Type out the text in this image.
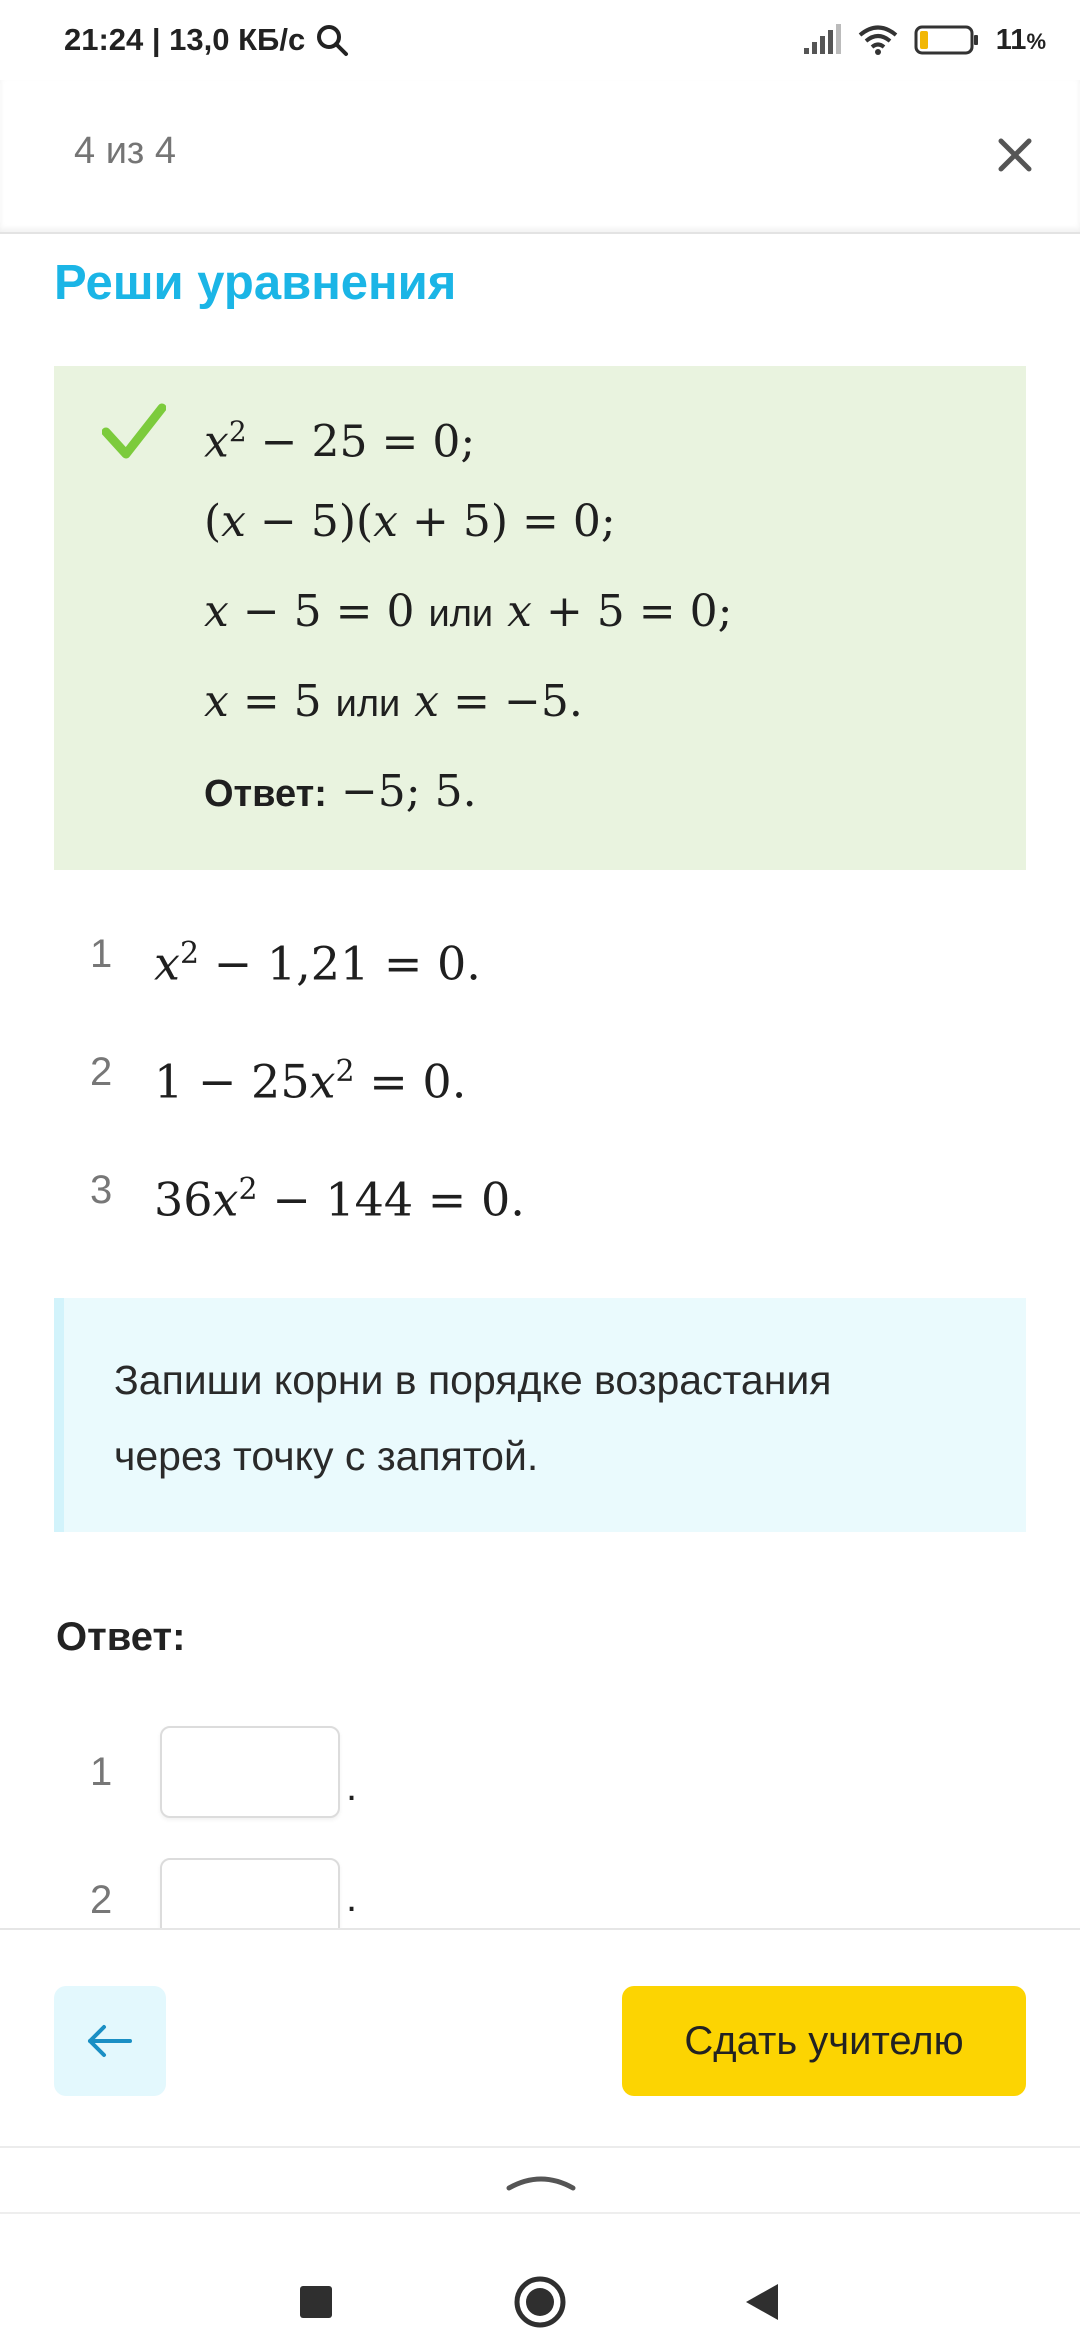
21:24 | 13,0 КБ/с	11%
4 из 4
Реши уравнения
$x^2 - 25 = 0$;
(x − 5)(x + 5) = 0;
x − 5 = 0 или x + 5 = 0;
x = 5 или x = −5.
Ответ: −5; 5.
1 $x^2 - 1,21 = 0$.
2 $1 - 25x^2 = 0$.
3 $36x^2 - 144 = 0$.
Запиши корни в порядке возрастания
через точку с запятой.
Ответ:
1	.
2	.
Сдать учителю
